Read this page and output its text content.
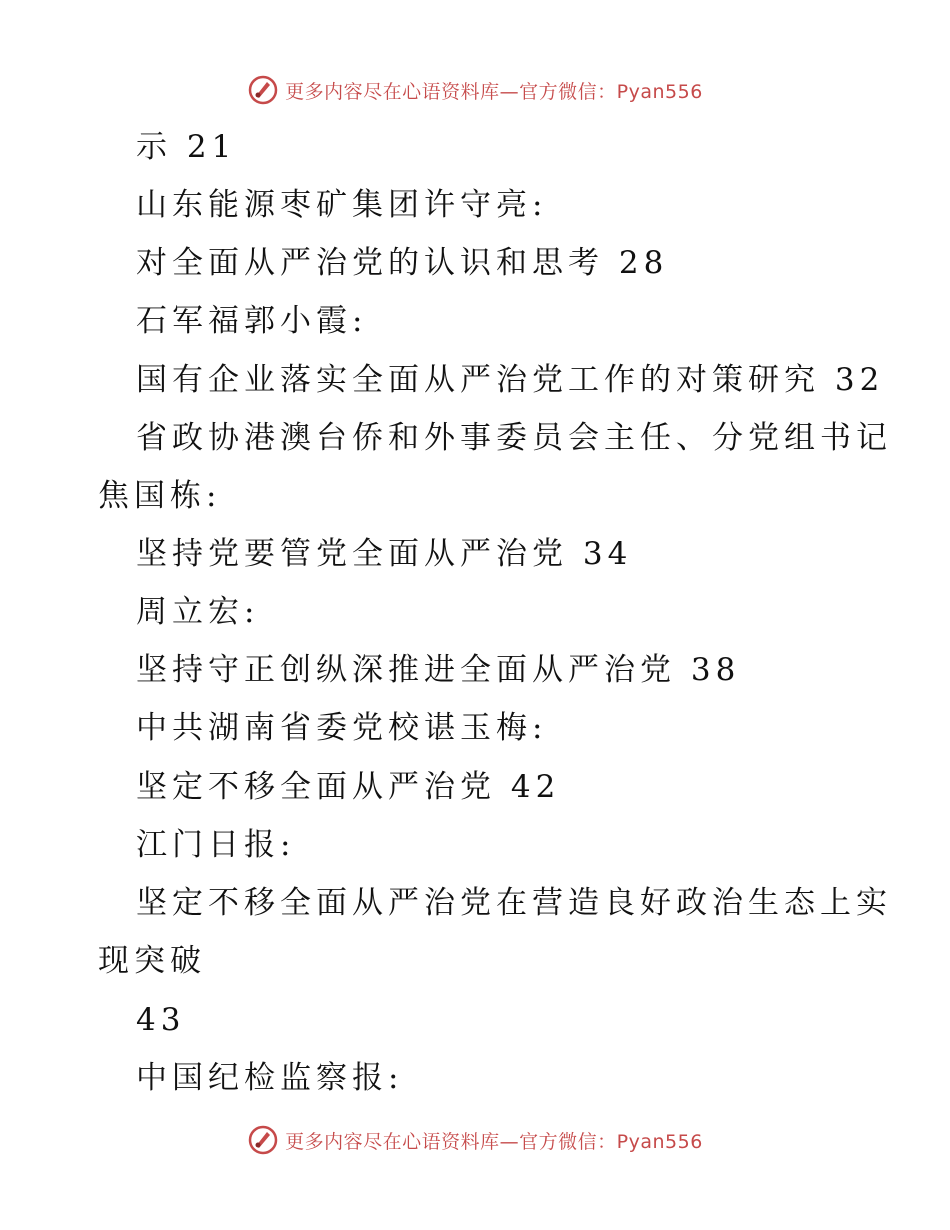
更多内容尽在心语资料库—官方微信：Pyan556
示 21
山东能源枣矿集团许守亮:
对全面从严治党的认识和思考 28
石军福郭小霞:
国有企业落实全面从严治党工作的对策研究 32
省政协港澳台侨和外事委员会主任、分党组书记
焦国栋:
坚持党要管党全面从严治党 34
周立宏:
坚持守正创纵深推进全面从严治党 38
中共湖南省委党校谌玉梅:
坚定不移全面从严治党 42
江门日报:
坚定不移全面从严治党在营造良好政治生态上实
现突破
43
中国纪检监察报:
更多内容尽在心语资料库—官方微信：Pyan556
